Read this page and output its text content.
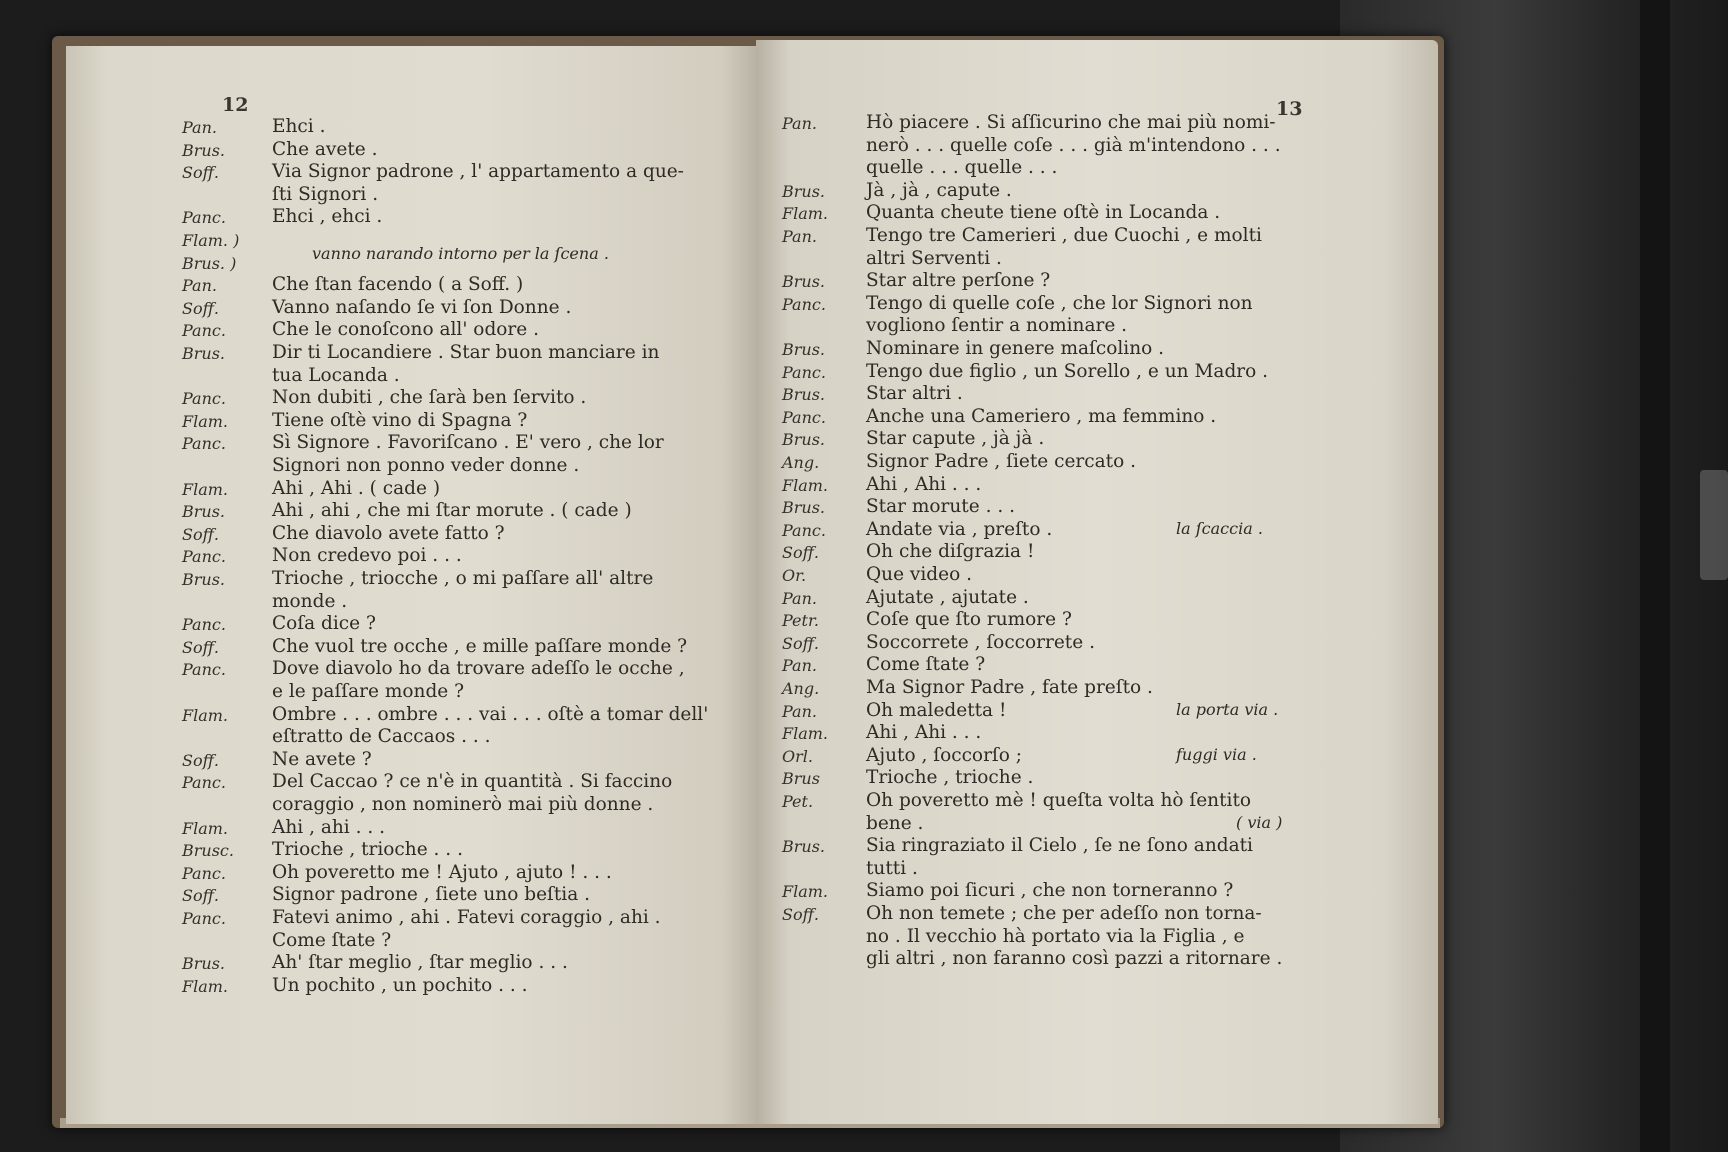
12
Pan.	Ehci .
Brus.	Che avete .
Soff.	Via Signor padrone , l' appartamento a que-
ſti Signori .
Panc. Ehci , ehci .
Flam. )
Brus. )
vanno narando intorno per la ſcena .
Pan.	Che ſtan facendo ( a Soff. )
Soff.	Vanno naſando ſe vi ſon Donne .
Panc. Che le conoſcono all' odore .
Brus.	Dir ti Locandiere . Star buon manciare in
tua Locanda .
Panc. Non dubiti , che ſarà ben ſervito .
Flam. Tiene oſtè vino di Spagna ?
Panc. Sì Signore . Favoriſcano . E' vero , che lor
Signori non ponno veder donne .
Flam. Ahi , Ahi . ( cade )
Brus.	Ahi , ahi , che mi ſtar morute . ( cade )
Soff.	Che diavolo avete fatto ?
Panc. Non credevo poi . . .
Brus.	Trioche , triocche , o mi paſſare all' altre
monde .
Panc. Coſa dice ?
Soff.	Che vuol tre ocche , e mille paſſare monde ?
Panc. Dove diavolo ho da trovare adeſſo le ocche ,
e le paſſare monde ?
Flam. Ombre . . . ombre . . . vai . . . oſtè a tomar dell'
eſtratto de Caccaos . . .
Soff.	Ne avete ?
Panc. Del Caccao ? ce n'è in quantità . Si faccino
coraggio , non nominerò mai più donne .
Flam. Ahi , ahi . . .
Brusc. Trioche , trioche . . .
Panc. Oh poveretto me ! Ajuto , ajuto ! . . .
Soff.	Signor padrone , ſiete uno beſtia .
Panc. Fatevi animo , ahi . Fatevi coraggio , ahi .
Come ſtate ?
Brus.	Ah' ſtar meglio , ſtar meglio . . .
Flam. Un pochito , un pochito . . .
13
Pan.	Hò piacere . Si aſſicurino che mai più nomi-
nerò . . . quelle coſe . . . già m'intendono . . .
quelle . . . quelle . . .
Brus. Jà , jà , capute .
Flam. Quanta cheute tiene oſtè in Locanda .
Pan.	Tengo tre Camerieri , due Cuochi , e molti
altri Serventi .
Brus. Star altre perſone ?
Panc. Tengo di quelle coſe , che lor Signori non
vogliono ſentir a nominare .
Brus. Nominare in genere maſcolino .
Panc. Tengo due figlio , un Sorello , e un Madro .
Brus. Star altri .
Panc. Anche una Cameriero , ma femmino .
Brus. Star capute , jà jà .
Ang.	Signor Padre , ſiete cercato .
Flam. Ahi , Ahi . . .
Brus. Star morute . . .
Panc. Andate via , preſto .	la ſcaccia .
Soff.	Oh che diſgrazia !
Or.	Que video .
Pan.	Ajutate , ajutate .
Petr.	Coſe que ſto rumore ?
Soff.	Soccorrete , ſoccorrete .
Pan.	Come ſtate ?
Ang.	Ma Signor Padre , fate preſto .
Pan.	Oh maledetta !	la porta via .
Flam. Ahi , Ahi . . .
Orl.	Ajuto , ſoccorſo ;	fuggi via .
Brus Trioche , trioche .
Pet.	Oh poveretto mè ! queſta volta hò ſentito
bene .	( via )
Brus. Sia ringraziato il Cielo , ſe ne ſono andati
tutti .
Flam. Siamo poi ſicuri , che non torneranno ?
Soff.	Oh non temete ; che per adeſſo non torna-
no . Il vecchio hà portato via la Figlia , e
gli altri , non faranno così pazzi a ritornare .
